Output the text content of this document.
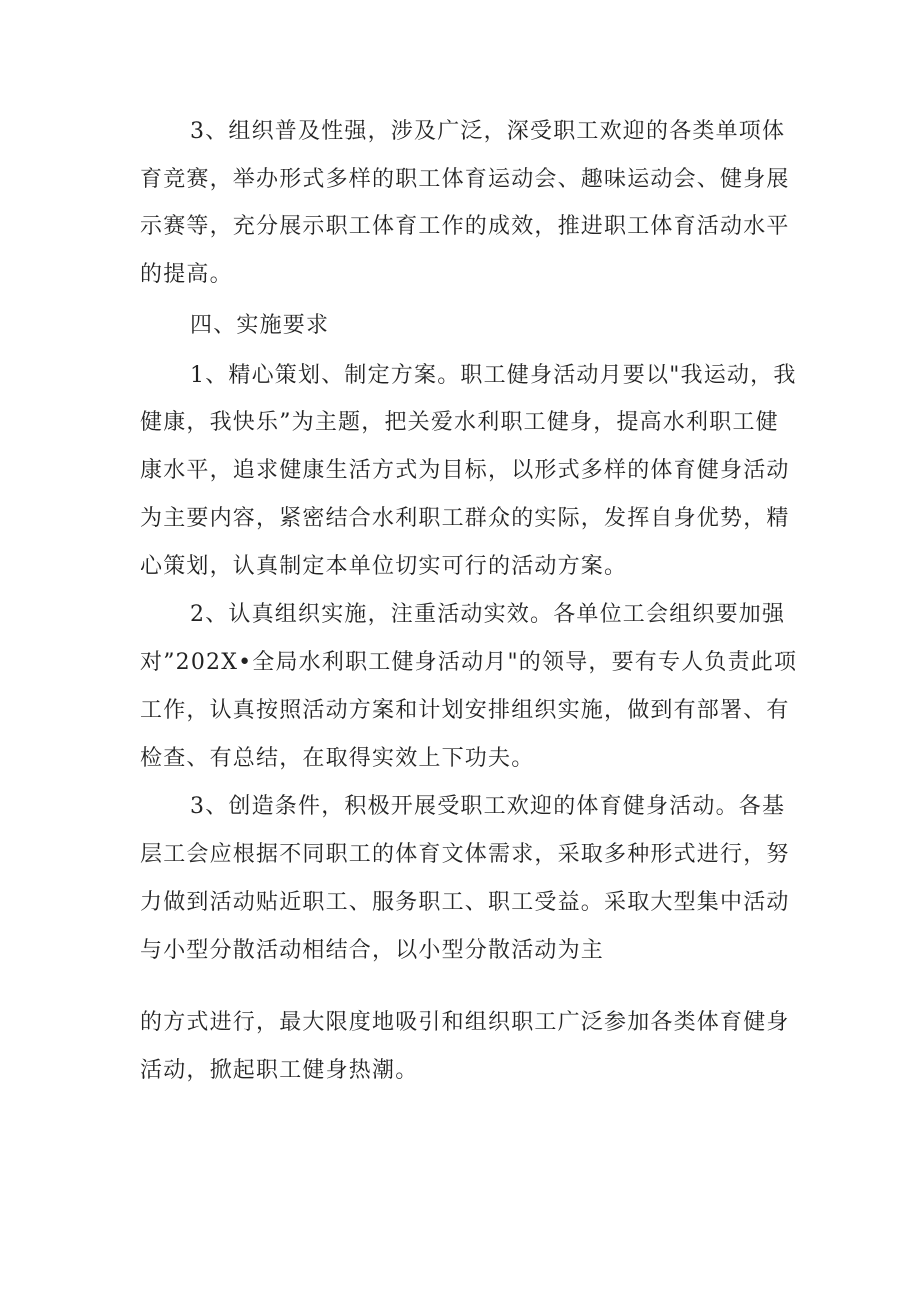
3、组织普及性强，涉及广泛，深受职工欢迎的各类单项体
育竞赛，举办形式多样的职工体育运动会、趣味运动会、健身展
示赛等，充分展示职工体育工作的成效，推进职工体育活动水平
的提高。
四、实施要求
1、精心策划、制定方案。职工健身活动月要以"我运动，我
健康，我快乐”为主题，把关爱水利职工健身，提高水利职工健
康水平，追求健康生活方式为目标，以形式多样的体育健身活动
为主要内容，紧密结合水利职工群众的实际，发挥自身优势，精
心策划，认真制定本单位切实可行的活动方案。
2、认真组织实施，注重活动实效。各单位工会组织要加强
对”202X•全局水利职工健身活动月"的领导，要有专人负责此项
工作，认真按照活动方案和计划安排组织实施，做到有部署、有
检查、有总结，在取得实效上下功夫。
3、创造条件，积极开展受职工欢迎的体育健身活动。各基
层工会应根据不同职工的体育文体需求，采取多种形式进行，努
力做到活动贴近职工、服务职工、职工受益。采取大型集中活动
与小型分散活动相结合，以小型分散活动为主
的方式进行，最大限度地吸引和组织职工广泛参加各类体育健身
活动，掀起职工健身热潮。
